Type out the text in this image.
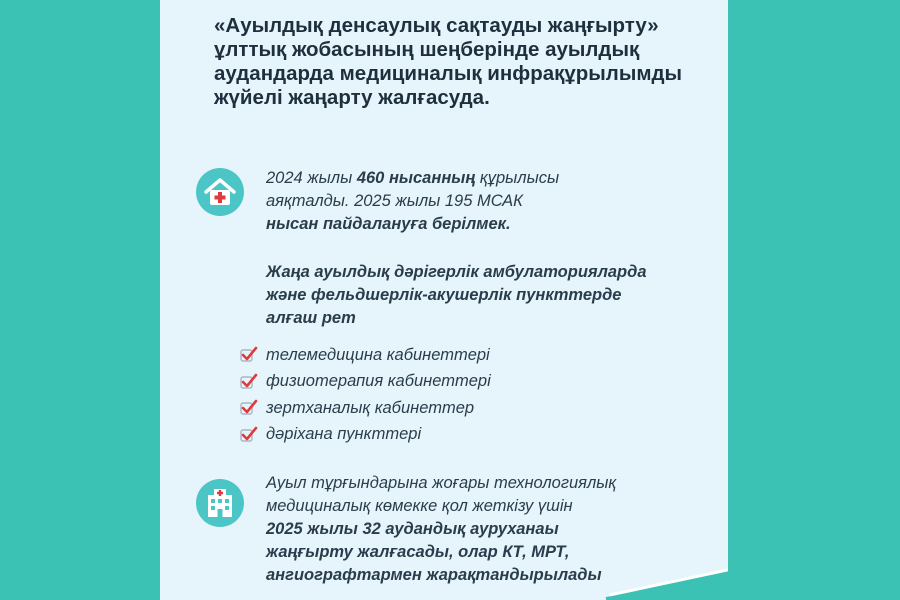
«Ауылдық денсаулық сақтауды жаңғырту» ұлттық жобасының шеңберінде ауылдық аудандарда медициналық инфрақұрылымды жүйелі жаңарту жалғасуда.
2024 жылы 460 нысанның құрылысы
аяқталды. 2025 жылы 195 МСАК
нысан пайдалануға берілмек.
Жаңа ауылдық дәрігерлік амбулаторияларда
және фельдшерлік-акушерлік пункттерде
алғаш рет
телемедицина кабинеттері
физиотерапия кабинеттері
зертханалық кабинеттер
дәріхана пункттері
Ауыл тұрғындарына жоғары технологиялық
медициналық көмекке қол жеткізу үшін
2025 жылы 32 аудандық ауруханаы
жаңғырту жалғасады, олар КТ, МРТ,
ангиографтармен жарақтандырылады
